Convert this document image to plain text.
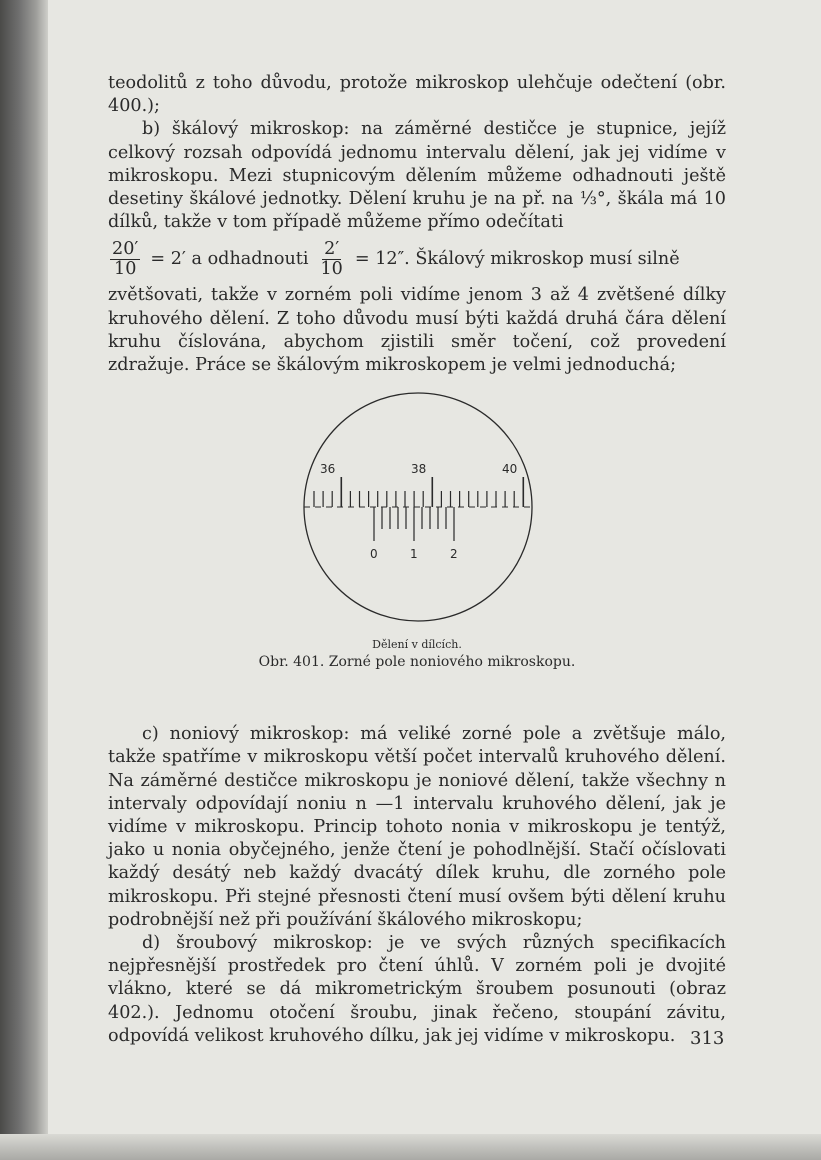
teodolitů z toho důvodu, protože mikroskop ulehčuje odečtení (obr. 400.);

b) škálový mikroskop: na záměrné destičce je stupnice, jejíž celkový rozsah odpovídá jednomu intervalu dělení, jak jej vidíme v mikroskopu. Mezi stupnicovým dělením můžeme odhadnouti ještě desetiny škálové jednotky. Dělení kruhu je na př. na ⅓°, škála má 10 dílků, takže v tom případě můžeme přímo odečítati

$\frac{20'}{10} = 2'$ a odhadnouti $\frac{2'}{10} = 12''$. Škálový mikroskop musí silně

zvětšovati, takže v zorném poli vidíme jenom 3 až 4 zvětšené dílky kruhového dělení. Z toho důvodu musí býti každá druhá čára dělení kruhu číslována, abychom zjistili směr točení, což provedení zdražuje. Práce se škálovým mikroskopem je velmi jednoduchá;

36	38	40
0	1	2
Dělení v dílcích.
Obr. 401. Zorné pole noniového mikroskopu.

c) noniový mikroskop: má veliké zorné pole a zvětšuje málo, takže spatříme v mikroskopu větší počet intervalů kruhového dělení. Na záměrné destičce mikroskopu je noniové dělení, takže všechny n intervaly odpovídají noniu n —1 intervalu kruhového dělení, jak je vidíme v mikroskopu. Princip tohoto nonia v mikroskopu je tentýž, jako u nonia obyčejného, jenže čtení je pohodlnější. Stačí očíslovati každý desátý neb každý dvacátý dílek kruhu, dle zorného pole mikroskopu. Při stejné přesnosti čtení musí ovšem býti dělení kruhu podrobnější než při používání škálového mikroskopu;

d) šroubový mikroskop: je ve svých různých specifikacích nejpřesnější prostředek pro čtení úhlů. V zorném poli je dvojité vlákno, které se dá mikrometrickým šroubem posunouti (obraz 402.). Jednomu otočení šroubu, jinak řečeno, stoupání závitu, odpovídá velikost kruhového dílku, jak jej vidíme v mikroskopu. 313
